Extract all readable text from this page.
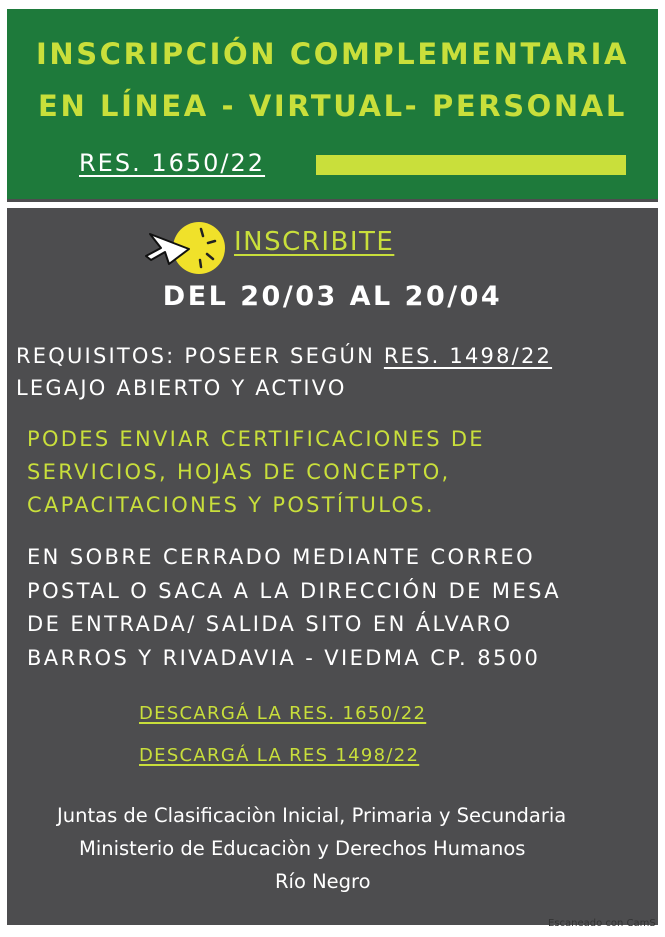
INSCRIPCIÓN COMPLEMENTARIA
EN LÍNEA - VIRTUAL- PERSONAL
RES. 1650/22
INSCRIBITE
DEL 20/03 AL 20/04
REQUISITOS: POSEER SEGÚN RES. 1498/22
LEGAJO ABIERTO Y ACTIVO
PODES ENVIAR CERTIFICACIONES DE
SERVICIOS, HOJAS DE CONCEPTO,
CAPACITACIONES Y POSTÍTULOS.
EN SOBRE CERRADO MEDIANTE CORREO
POSTAL O SACA A LA DIRECCIÓN DE MESA
DE ENTRADA/ SALIDA SITO EN ÁLVARO
BARROS Y RIVADAVIA - VIEDMA CP. 8500
DESCARGÁ LA RES. 1650/22
DESCARGÁ LA RES 1498/22
Juntas de Clasificaciòn Inicial, Primaria y Secundaria
Ministerio de Educaciòn y Derechos Humanos
Río Negro
Escaneado con CamS
